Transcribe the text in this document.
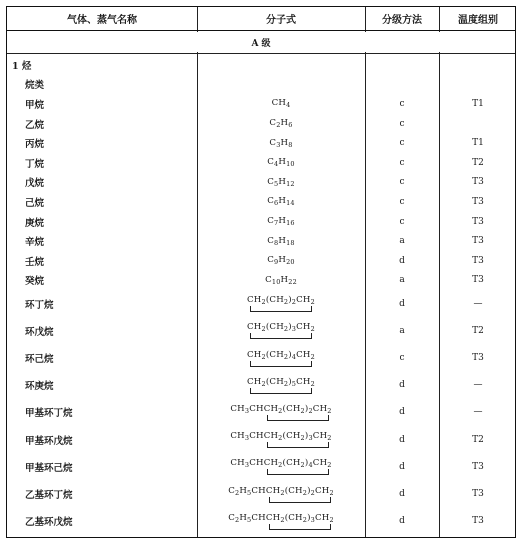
气体、蒸气名称	分子式	分级方法	温度组别
A 级
1 烃
烷类
甲烷	$CH_4$	c	T1
乙烷	$C_2H_6$	c
丙烷	$C_3H_8$	c	T1
丁烷	$C_4H_{10}$	c	T2
戊烷	$C_5H_{12}$	c	T3
己烷	$C_6H_{14}$	c	T3
庚烷	$C_7H_{16}$	c	T3
辛烷	$C_8H_{18}$	a	T3
壬烷	$C_9H_{20}$	d	T3
癸烷	$C_{10}H_{22}$	a	T3
环丁烷	$CH_2(CH_2)_2CH_2$	d	—
环戊烷	$CH_2(CH_2)_3CH_2$	a	T2
环己烷	$CH_2(CH_2)_4CH_2$	c	T3
环庚烷	$CH_2(CH_2)_5CH_2$	d	—
甲基环丁烷	$CH_3CHCH_2(CH_2)_2CH_2$	d	—
甲基环戊烷	$CH_3CHCH_2(CH_2)_3CH_2$	d	T2
甲基环己烷	$CH_3CHCH_2(CH_2)_4CH_2$	d	T3
乙基环丁烷	$C_2H_5CHCH_2(CH_2)_2CH_2$	d	T3
乙基环戊烷	$C_2H_5CHCH_2(CH_2)_3CH_2$	d	T3
